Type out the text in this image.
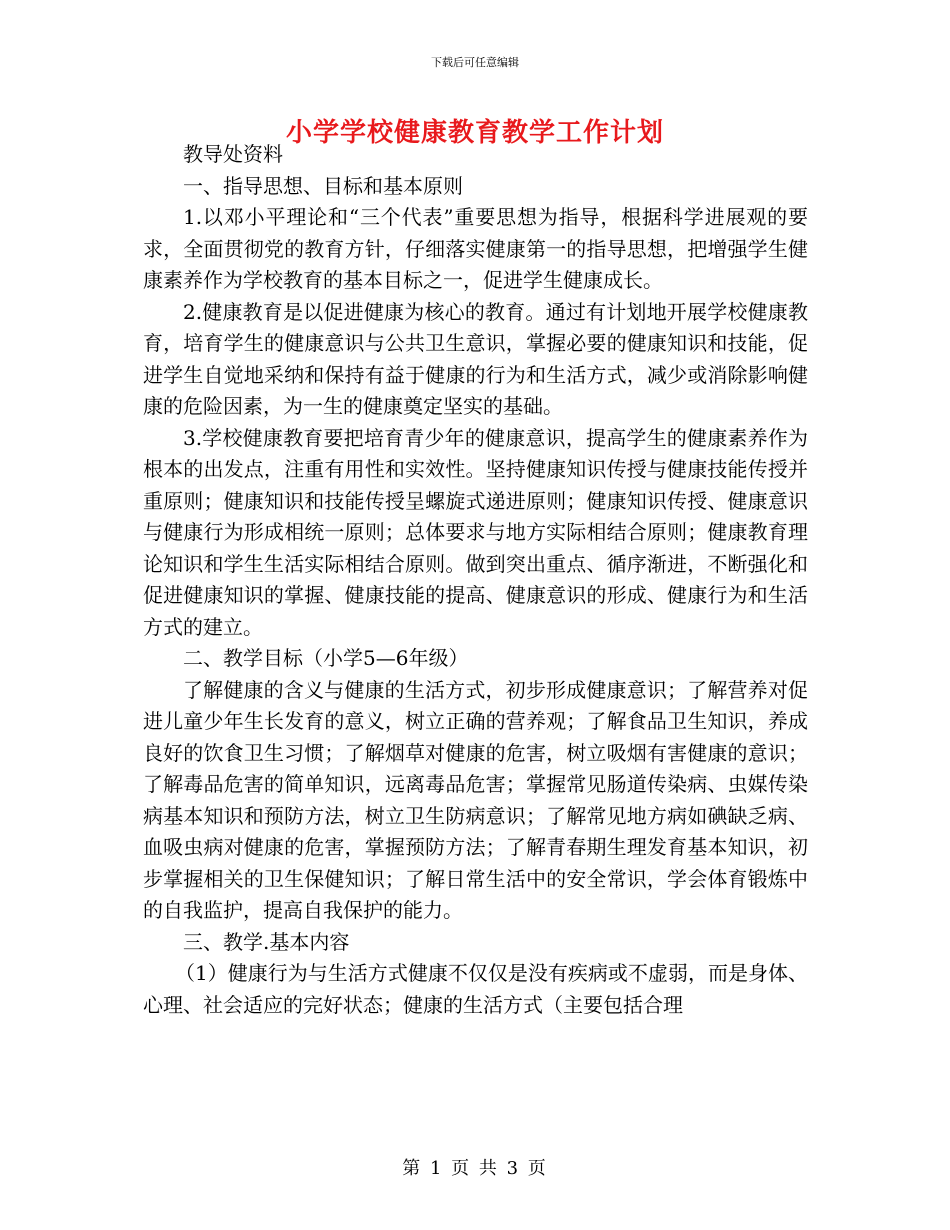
下载后可任意编辑
小学学校健康教育教学工作计划

教导处资料

一、指导思想、目标和基本原则

1.以邓小平理论和“三个代表”重要思想为指导，根据科学进展观的要求，全面贯彻党的教育方针，仔细落实健康第一的指导思想，把增强学生健康素养作为学校教育的基本目标之一，促进学生健康成长。

2.健康教育是以促进健康为核心的教育。通过有计划地开展学校健康教育，培育学生的健康意识与公共卫生意识，掌握必要的健康知识和技能，促进学生自觉地采纳和保持有益于健康的行为和生活方式，减少或消除影响健康的危险因素，为一生的健康奠定坚实的基础。

3.学校健康教育要把培育青少年的健康意识，提高学生的健康素养作为根本的出发点，注重有用性和实效性。坚持健康知识传授与健康技能传授并重原则；健康知识和技能传授呈螺旋式递进原则；健康知识传授、健康意识与健康行为形成相统一原则；总体要求与地方实际相结合原则；健康教育理论知识和学生生活实际相结合原则。做到突出重点、循序渐进，不断强化和促进健康知识的掌握、健康技能的提高、健康意识的形成、健康行为和生活方式的建立。

二、教学目标（小学5—6年级）

了解健康的含义与健康的生活方式，初步形成健康意识；了解营养对促进儿童少年生长发育的意义，树立正确的营养观；了解食品卫生知识，养成良好的饮食卫生习惯；了解烟草对健康的危害，树立吸烟有害健康的意识；了解毒品危害的简单知识，远离毒品危害；掌握常见肠道传染病、虫媒传染病基本知识和预防方法，树立卫生防病意识；了解常见地方病如碘缺乏病、血吸虫病对健康的危害，掌握预防方法；了解青春期生理发育基本知识，初步掌握相关的卫生保健知识；了解日常生活中的安全常识，学会体育锻炼中的自我监护，提高自我保护的能力。

三、教学.基本内容

（1）健康行为与生活方式健康不仅仅是没有疾病或不虚弱，而是身体、心理、社会适应的完好状态；健康的生活方式（主要包括合理

第 1 页 共 3 页
